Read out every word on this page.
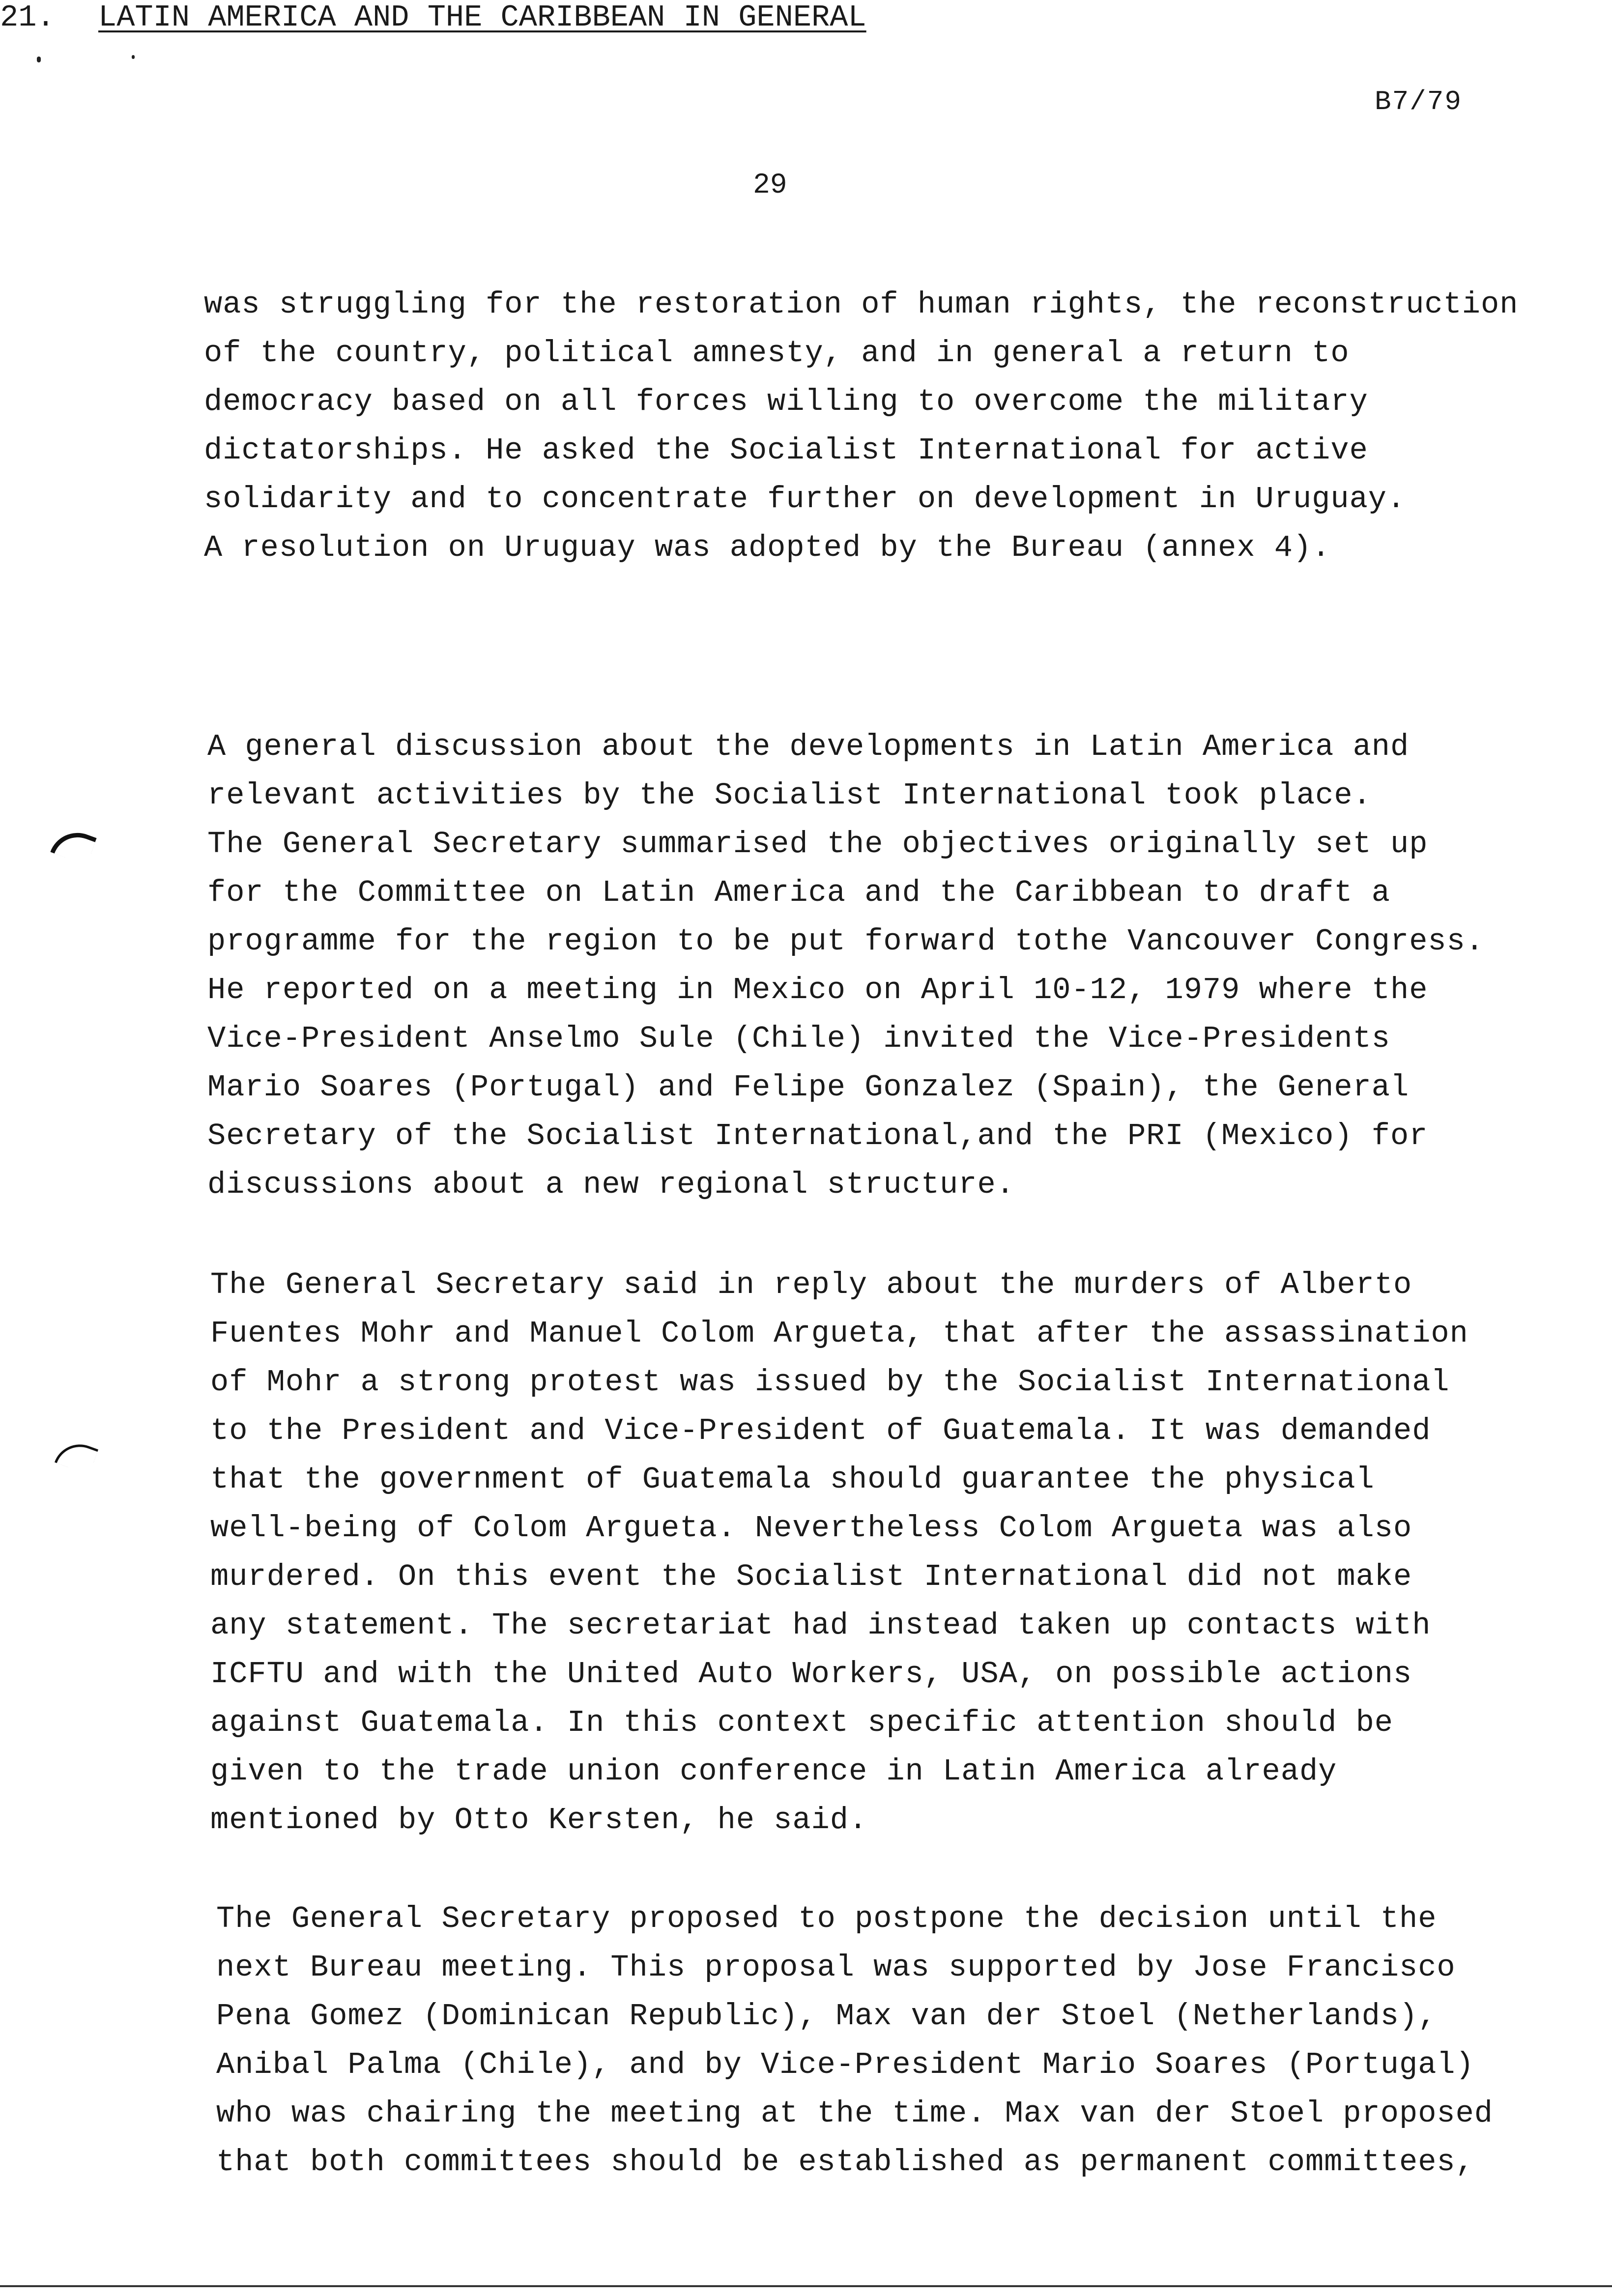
B7/79
29
was struggling for the restoration of human rights, the reconstruction
of the country, political amnesty, and in general a return to
democracy based on all forces willing to overcome the military
dictatorships. He asked the Socialist International for active
solidarity and to concentrate further on development in Uruguay.
A resolution on Uruguay was adopted by the Bureau (annex 4).
21. LATIN AMERICA AND THE CARIBBEAN IN GENERAL
A general discussion about the developments in Latin America and
relevant activities by the Socialist International took place.
The General Secretary summarised the objectives originally set up
for the Committee on Latin America and the Caribbean to draft a
programme for the region to be put forward tothe Vancouver Congress.
He reported on a meeting in Mexico on April 10-12, 1979 where the
Vice-President Anselmo Sule (Chile) invited the Vice-Presidents
Mario Soares (Portugal) and Felipe Gonzalez (Spain), the General
Secretary of the Socialist International,and the PRI (Mexico) for
discussions about a new regional structure.
The General Secretary said in reply about the murders of Alberto
Fuentes Mohr and Manuel Colom Argueta, that after the assassination
of Mohr a strong protest was issued by the Socialist International
to the President and Vice-President of Guatemala. It was demanded
that the government of Guatemala should guarantee the physical
well-being of Colom Argueta. Nevertheless Colom Argueta was also
murdered. On this event the Socialist International did not make
any statement. The secretariat had instead taken up contacts with
ICFTU and with the United Auto Workers, USA, on possible actions
against Guatemala. In this context specific attention should be
given to the trade union conference in Latin America already
mentioned by Otto Kersten, he said.
The General Secretary proposed to postpone the decision until the
next Bureau meeting. This proposal was supported by Jose Francisco
Pena Gomez (Dominican Republic), Max van der Stoel (Netherlands),
Anibal Palma (Chile), and by Vice-President Mario Soares (Portugal)
who was chairing the meeting at the time. Max van der Stoel proposed
that both committees should be established as permanent committees,
